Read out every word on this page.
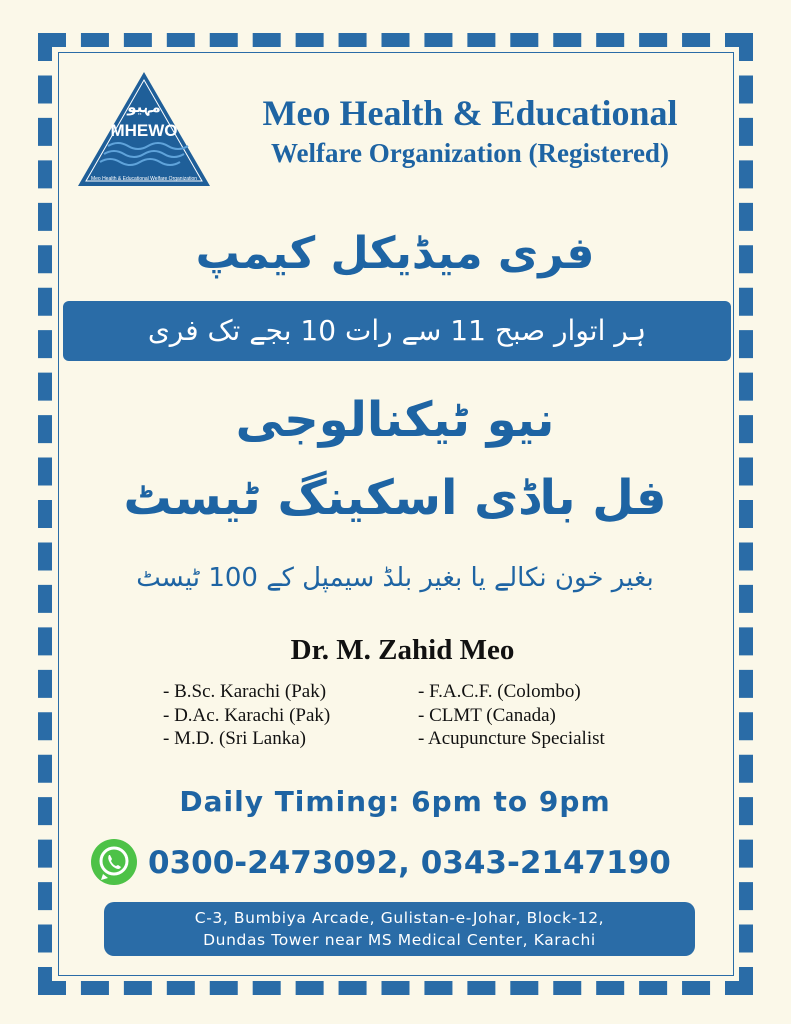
مہیو
MHEWO
Meo Health & Educational Welfare Organization
Meo Health & Educational
Welfare Organization (Registered)
فری میڈیکل کیمپ
ہر اتوار صبح 11 سے رات 10 بجے تک فری
نیو ٹیکنالوجی
فل باڈی اسکینگ ٹیسٹ
بغیر خون نکالے یا بغیر بلڈ سیمپل کے 100 ٹیسٹ
Dr. M. Zahid Meo
- B.Sc. Karachi (Pak)
- D.Ac. Karachi (Pak)
- M.D. (Sri Lanka)
- F.A.C.F. (Colombo)
- CLMT (Canada)
- Acupuncture Specialist
Daily Timing: 6pm to 9pm
0300-2473092, 0343-2147190
C-3, Bumbiya Arcade, Gulistan-e-Johar, Block-12,
Dundas Tower near MS Medical Center, Karachi
